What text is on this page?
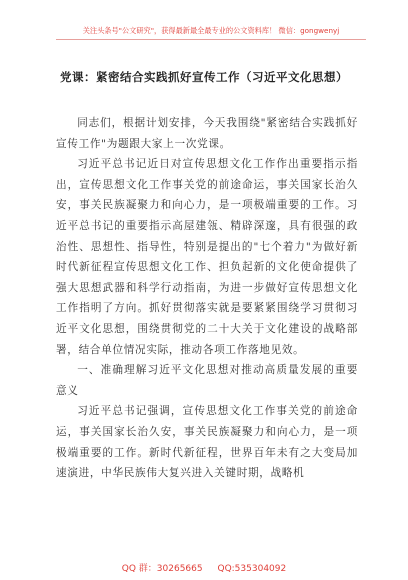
关注头条号"公文研究"，获得最新最全最专业的公文资料库！ 微信：gongwenyj
党课：紧密结合实践抓好宣传工作（习近平文化思想）

同志们，根据计划安排，今天我围绕"紧密结合实践抓好宣传工作"为题跟大家上一次党课。

习近平总书记近日对宣传思想文化工作作出重要指示指出，宣传思想文化工作事关党的前途命运，事关国家长治久安，事关民族凝聚力和向心力，是一项极端重要的工作。习近平总书记的重要指示高屋建瓴、精辟深邃，具有很强的政治性、思想性、指导性，特别是提出的"七个着力"为做好新时代新征程宣传思想文化工作、担负起新的文化使命提供了强大思想武器和科学行动指南，为进一步做好宣传思想文化工作指明了方向。抓好贯彻落实就是要紧紧围绕学习贯彻习近平文化思想，围绕贯彻党的二十大关于文化建设的战略部署，结合单位情况实际，推动各项工作落地见效。

一、准确理解习近平文化思想对推动高质量发展的重要意义

习近平总书记强调，宣传思想文化工作事关党的前途命运，事关国家长治久安，事关民族凝聚力和向心力，是一项极端重要的工作。新时代新征程，世界百年未有之大变局加速演进，中华民族伟大复兴进入关键时期，战略机

QQ 群：30265665 QQ:535304092
